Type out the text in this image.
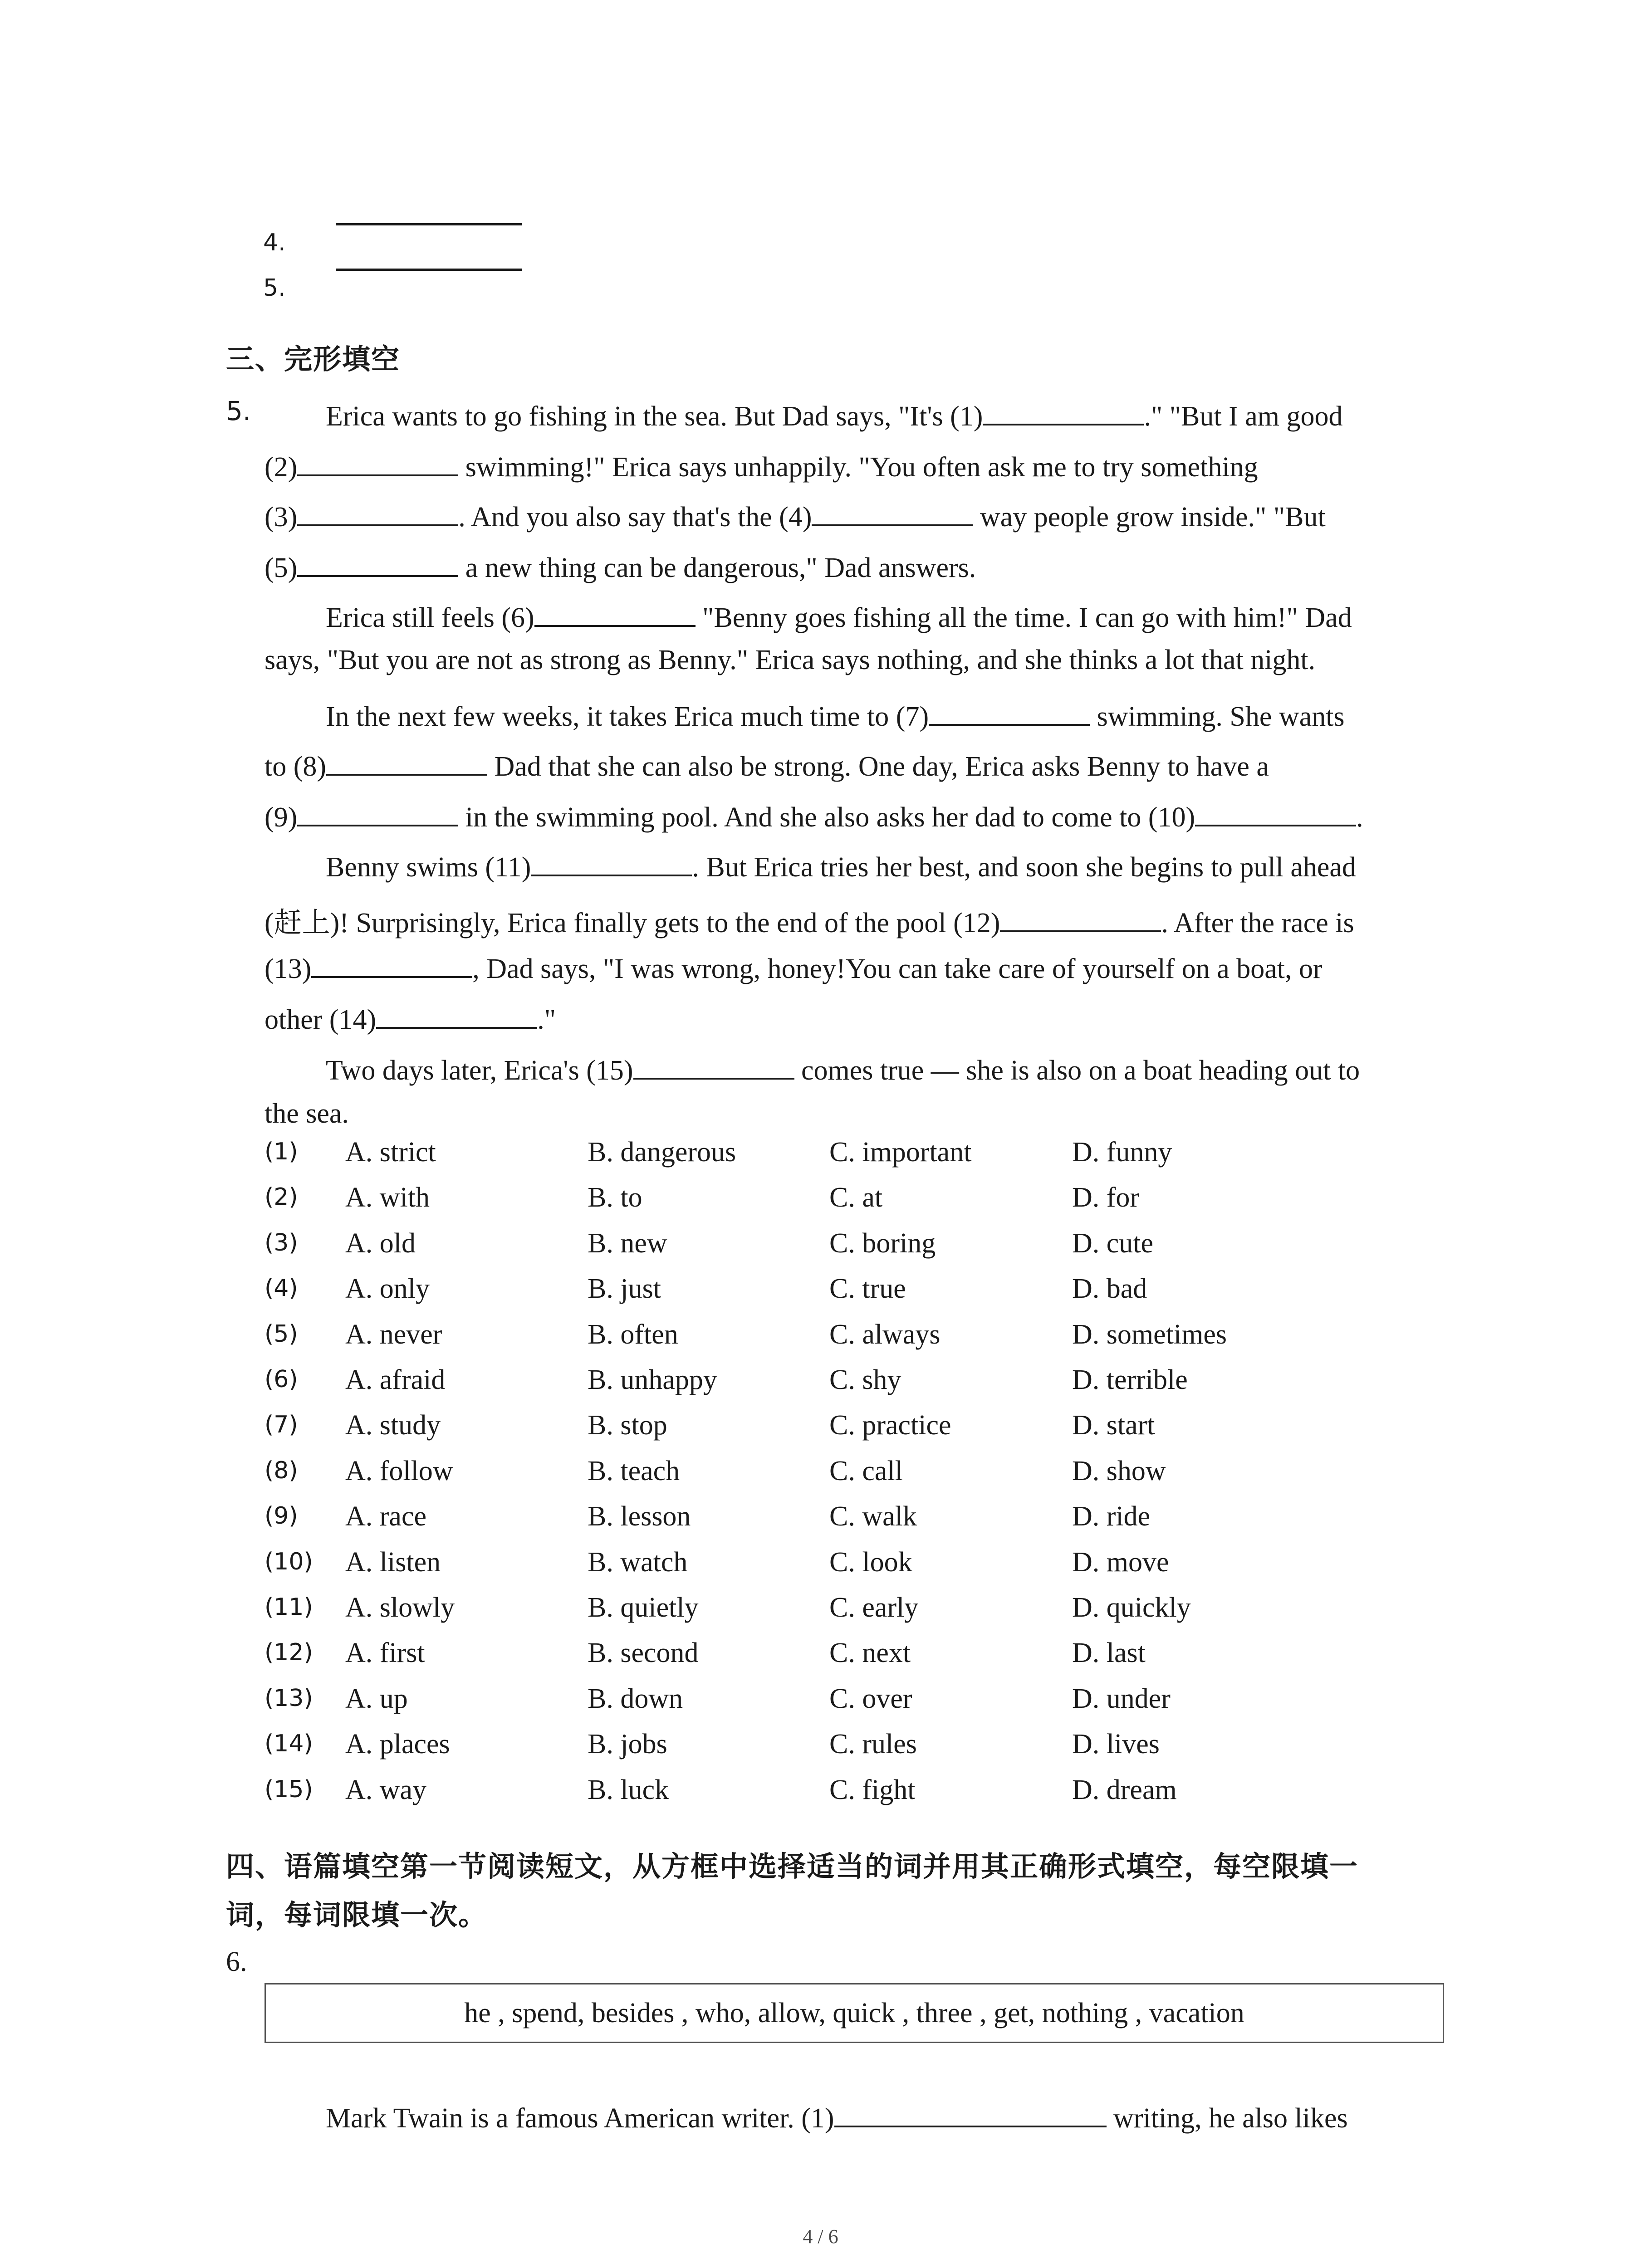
4.
5.
三、完形填空
5.	Erica wants to go fishing in the sea. But Dad says, "It's (1)	." "But I am good
(2)	swimming!" Erica says unhappily. "You often ask me to try something
(3)	. And you also say that's the (4)	way people grow inside." "But
(5)	a new thing can be dangerous," Dad answers.
Erica still feels (6)	"Benny goes fishing all the time. I can go with him!" Dad
says, "But you are not as strong as Benny." Erica says nothing, and she thinks a lot that night.
In the next few weeks, it takes Erica much time to (7)	swimming. She wants
to (8)	Dad that she can also be strong. One day, Erica asks Benny to have a
(9)	in the swimming pool. And she also asks her dad to come to (10)	.
Benny swims (11)	. But Erica tries her best, and soon she begins to pull ahead
(赶上)! Surprisingly, Erica finally gets to the end of the pool (12)	. After the race is
(13)	, Dad says, "I was wrong, honey!You can take care of yourself on a boat, or
other (14)	."
Two days later, Erica's (15)	comes true — she is also on a boat heading out to
the sea.
(1) A. strict	B. dangerous	C. important	D. funny
(2) A. with	B. to	C. at	D. for
(3) A. old	B. new	C. boring	D. cute
(4) A. only	B. just	C. true	D. bad
(5) A. never	B. often	C. always	D. sometimes
(6) A. afraid	B. unhappy	C. shy	D. terrible
(7) A. study	B. stop	C. practice	D. start
(8) A. follow	B. teach	C. call	D. show
(9) A. race	B. lesson	C. walk	D. ride
(10) A. listen	B. watch	C. look	D. move
(11) A. slowly	B. quietly	C. early	D. quickly
(12) A. first	B. second	C. next	D. last
(13) A. up	B. down	C. over	D. under
(14) A. places	B. jobs	C. rules	D. lives
(15) A. way	B. luck	C. fight	D. dream
四、语篇填空第一节阅读短文，从方框中选择适当的词并用其正确形式填空，每空限填一
词，每词限填一次。
6.
he , spend, besides , who, allow, quick , three , get, nothing , vacation
Mark Twain is a famous American writer. (1)	writing, he also likes
4 / 6
